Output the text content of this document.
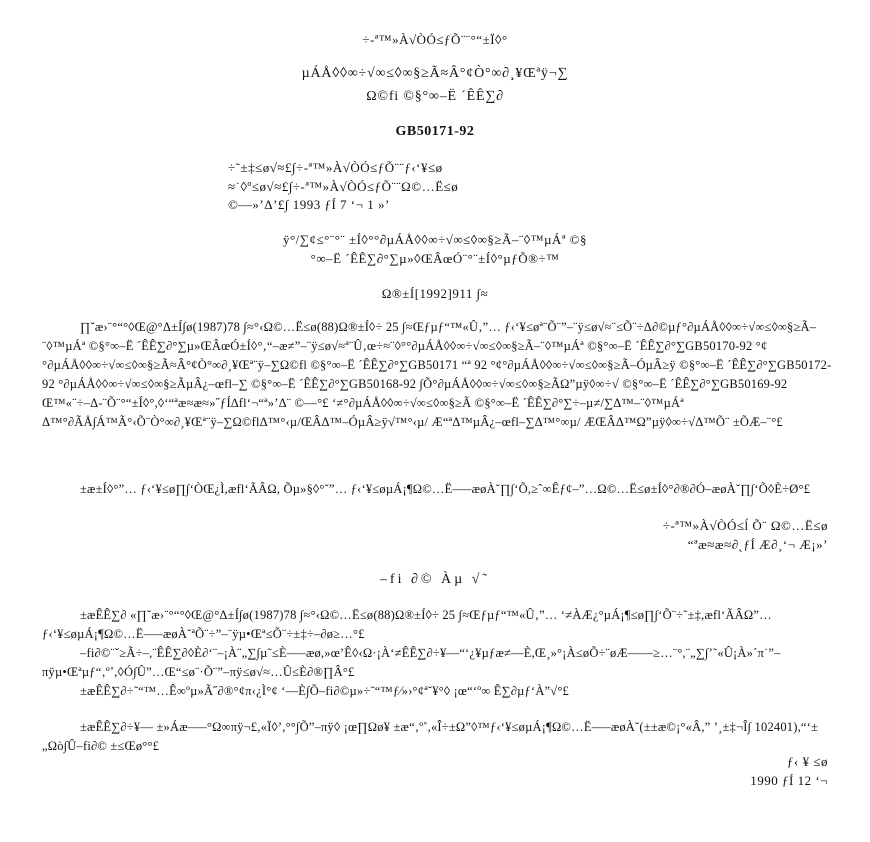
÷-ª™»À√ÒÓ≤ƒÕ¨¨°“±Ï◊°
µÁÅ◊◊∞÷√∞≤◊∞§≥Ã≈Â°¢Ò°∞∂¸¥Œªÿ¬∑
Ω©fi ©§°∞–Ë ´ÊÊ∑∂
GB50171-92
÷˜±‡≤ø√≈£∫÷-ª™»À√ÒÓ≤ƒÕ¨¨ƒ‹‘¥≤ø
≈˙◊º≤ø√≈£∫÷-ª™»À√ÒÓ≤ƒÕ¨¨Ω©…Ë≤ø
©––»’Δ’£∫ 1993 ƒÍ 7 ‘¬ 1 »’
ÿ°/∑¢≤°¨°¨ ±Í◊°°∂µÁÅ◊◊∞÷√∞≤◊∞§≥Ã–¨◊™µÁª ©§
°∞–Ë ´ÊÊ∑∂°∑µ»◊ŒÂœÓ¨°¨±Í◊°µƒÕ®÷™
Ω®±Í[1992]911 ∫≈
∏˘æ›¨°“°◊Œ@°Δ±Í∫ø(1987)78 ∫≈°‹Ω©…Ë≤ø(88)Ω®±Í◊÷ 25 ∫≈Œƒµƒ“™«Û‚”… ƒ‹‘¥≤øª¨Õ¨”–¨ÿ≤ø√≈¨≤Õ¨÷Δ∂©µƒ°∂µÁÅ◊◊∞÷√∞≤◊∞§≥Ã–¨◊™µÁª ©§°∞–Ë ´ÊÊ∑∂°∑µ»ŒÂœÓ±Í◊°‚“–æ≠”–¨ÿ≤ø√≈ª¨Û‚œ÷≈¨◊°°∂µÁÅ◊◊∞÷√∞≤◊∞§≥Ã–¨◊™µÁª ©§°∞–Ë ´ÊÊ∑∂°∑GB50170-92 °¢°∂µÁÅ◊◊∞÷√∞≤◊∞§≥Ã≈Â°¢Ò°∞∂¸¥Œª¨ÿ–∑Ω©fl ©§°∞–Ë ´ÊÊ∑∂°∑GB50171 “ª 92 °¢°∂µÁÅ◊◊∞÷√∞≤◊∞§≥Ã–ÓµÂ≥ÿ ©§°∞–Ë ´ÊÊ∑∂°∑GB50172-92 °∂µÁÅ◊◊∞÷√∞≤◊∞§≥ÃµÂ¿–œfl–∑ ©§°∞–Ë ´ÊÊ∑∂°∑GB50168-92 ∫Õ°∂µÁÅ◊◊∞÷√∞≤◊∞§≥ÃΩ”µÿ◊∞÷√ ©§°∞–Ë ´ÊÊ∑∂°∑GB50169-92 Œ™«¨÷–Δ-¨Õ¨°“±Í◊°,◊‘“ªæ≈æ≈»˝ƒÍ∆fl‘¬“ª»’Δ¨ ©––°£ ‘≠°∂µÁÅ◊◊∞÷√∞≤◊∞§≥Ã ©§°∞–Ë ´ÊÊ∑∂°∑÷–µ≠/∑Δ™–¨◊™µÁª Δ™°∂ÃÅ∫Á™Ã°‹Õ¨Ò°∞∂¸¥Œª¨ÿ–∑Ω©flΔ™°‹µ/ŒÂΔ™–ÓµÂ≥ÿ√™°‹µ/ Æ“ªΔ™µÂ¿–œfl–∑Δ™°∞µ/ ÆŒÂΔ™Ω”µÿ◊∞÷√Δ™Õ¨ ±ÕÆ–¨°£
±æ±Í◊°”… ƒ‹‘¥≤ø∏∫‘ÒŒ¿Ì,æfl‘ÃÂΩ, Õµ»§◊°˘”… ƒ‹‘¥≤øµÁ¡¶Ω©…Ë—–æøÀ˘∏∫‘Õ,≥ˆ∞Êƒ¢–”…Ω©…Ë≤ø±Í◊°∂®∂Ó–æøÀ˘∏∫‘Õ◊È÷Ø°£
÷-ª™»À√ÒÓ≤ĺ Õ¨ Ω©…Ë≤ø
“ªæ≈æ≈∂˛ƒÍ Æ∂¸‘¬ Æ¡»’
–fi ∂© Àµ √˜
±æÊÊ∑∂ «∏˘æ›¨°“°◊Œ@°Δ±Í∫ø(1987)78 ∫≈°‹Ω©…Ë≤ø(88)Ω®±Í◊÷ 25 ∫≈Œƒµƒ“™«Û‚”… ‘≠ÀÆ¿°µÁ¡¶≤ø∏∫‘Õ¨÷˜±‡,æfl‘ÃÂΩ”… ƒ‹‘¥≤øµÁ¡¶Ω©…Ë—–æøÀ˘ªÕ¨÷”–¨ÿµ•Œª≤Õ¨÷±‡÷–∂ø≥…°£
–fi∂©¨ˇ≥Ã÷–,¨ÊÊ∑∂◊È∂‘¨–¡À¨„∑∫µ˜≤È—–æø,»œ’Ê◊‹Ω·¡À‘≠ÊÊ∑∂÷¥––“‘¿¥µƒæ≠—È,Œ¸»°¡À≤øÕ÷¨øÆ——≥…¨°,¨„∑∫’˜«Û¡À»´π˙”–πÿµ•Œªµƒ“‚º˚,◊Ó∫Û”…Œ“≤ø¨·Õ¨”–πÿ≤ø√≈…Û≤È∂®∏Â°£
±æÊÊ∑∂÷˜“™…Ê∞ºµ»Ã˝∂®°¢π‹¿Ì°¢ ‘—È∫Õ–fi∂©µ»÷˜“™ƒ⁄»›°¢ª˘¥°◊ ¡œ“‘º∞ Ê∑∂µƒ‘À”√°£
±æÊÊ∑∂÷¥–– ±»Áæ–—°Ω∞πÿ¬£,«Ï◊’,°°∫Õ”–πÿ◊ ¡œ∏Ωø¥ ±æ“‚º˚,«Î÷±Ω”◊™ƒ‹‘¥≤øµÁ¡¶Ω©…Ë—–æøÀ˘(±±æ©¡°«Â,” ’¸±‡¬Î∫ 102401),“‘±„Ωò∫Û–fi∂© ±≤Œø°°£
ƒ‹ ¥ ≤ø
1990 ƒÍ 12 ‘¬
